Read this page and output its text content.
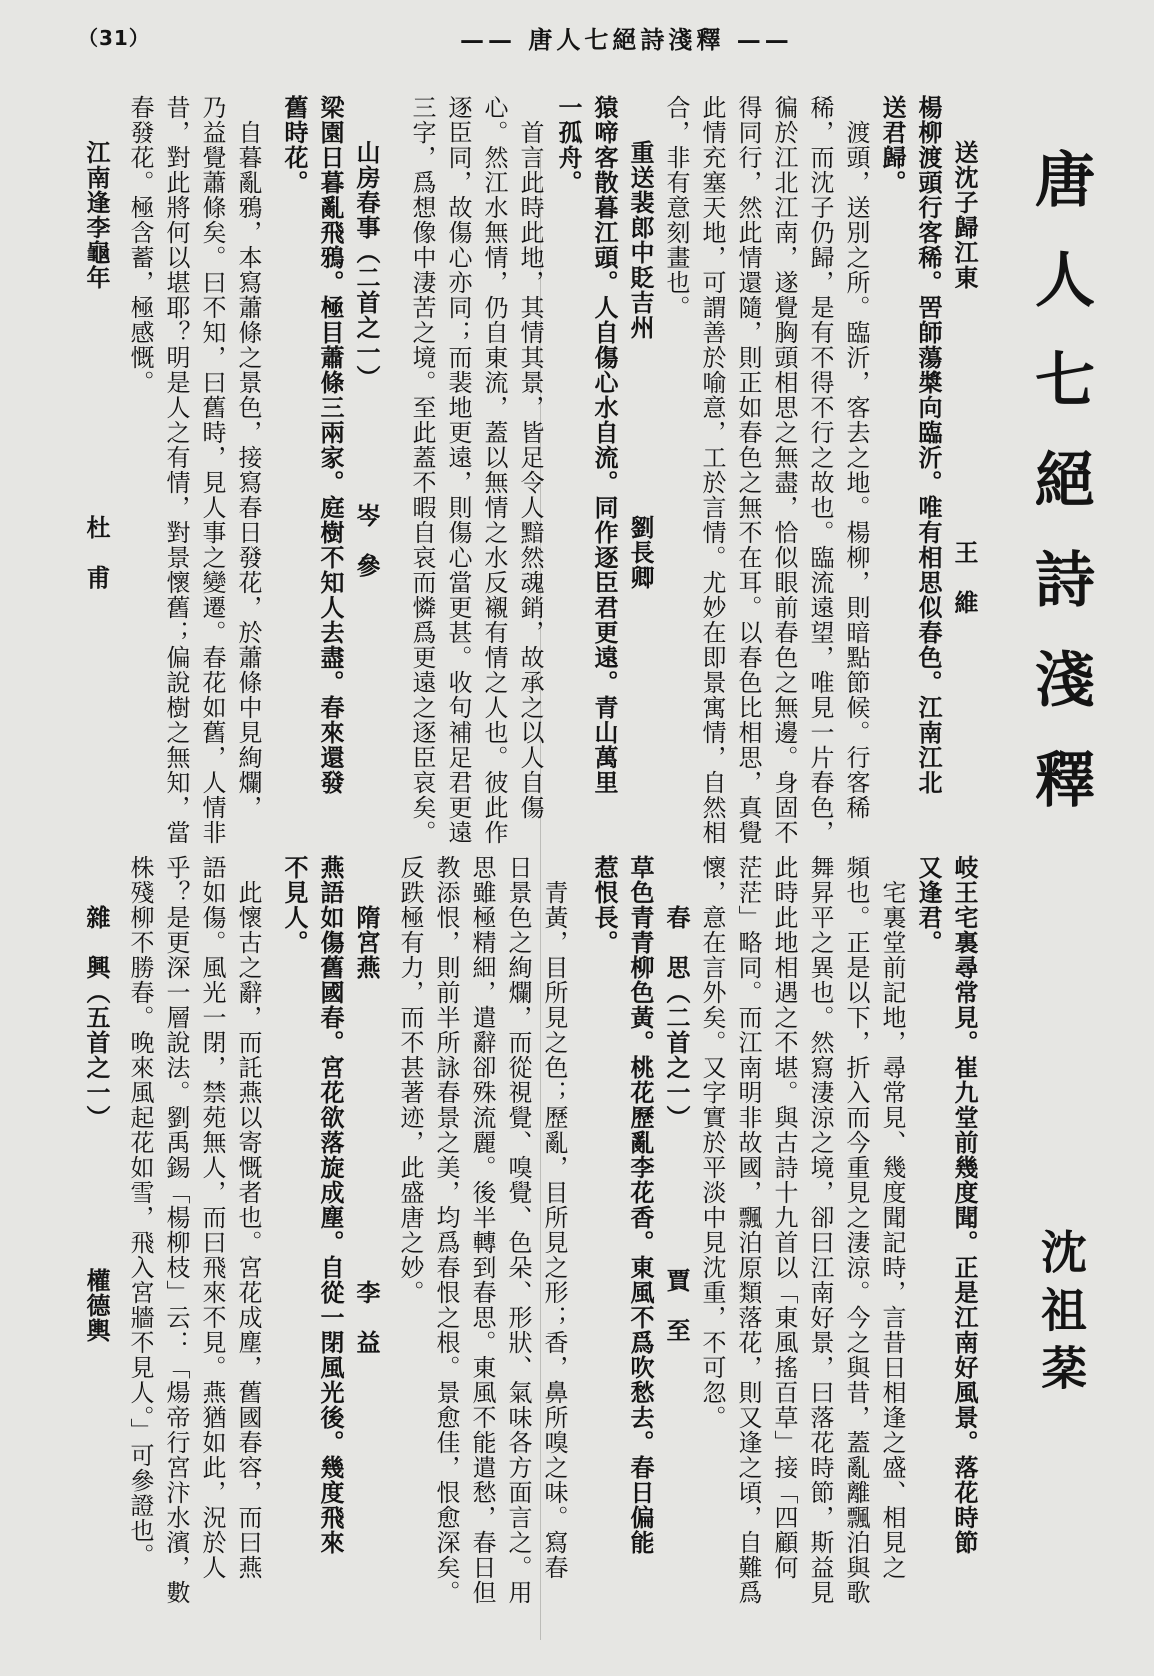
（31）	—— 唐人七絕詩淺釋 ——
唐人七絕詩淺釋
沈祖棻
送沈子歸江東　　　　　　　　　　王　維
楊柳渡頭行客稀。罟師蕩槳向臨沂。唯有相思似春色。江南江北
送君歸。
　渡頭，送別之所。臨沂，客去之地。楊柳，則暗點節候。行客稀
稀，而沈子仍歸，是有不得不行之故也。臨流遠望，唯見一片春色，
徧於江北江南，遂覺胸頭相思之無盡，恰似眼前春色之無邊。身固不
得同行，然此情還隨，則正如春色之無不在耳。以春色比相思，真覺
此情充塞天地，可謂善於喻意，工於言情。尤妙在即景寓情，自然相
合，非有意刻畫也。
重送裴郎中貶吉州　　　　　　　劉長卿
猿啼客散暮江頭。人自傷心水自流。同作逐臣君更遠。青山萬里
一孤舟。
　首言此時此地，其情其景，皆足令人黯然魂銷，故承之以人自傷
心。然江水無情，仍自東流，蓋以無情之水反襯有情之人也。彼此作
逐臣同，故傷心亦同；而裴地更遠，則傷心當更甚。收句補足君更遠
三字，爲想像中淒苦之境。至此蓋不暇自哀而憐爲更遠之逐臣哀矣。
山房春事（二首之一）　　　　　岑　參
梁園日暮亂飛鴉。極目蕭條三兩家。庭樹不知人去盡。春來還發
舊時花。
　自暮亂鴉，本寫蕭條之景色，接寫春日發花，於蕭條中見絢爛，
乃益覺蕭條矣。曰不知，曰舊時，見人事之變遷。春花如舊，人情非
昔，對此將何以堪耶？明是人之有情，對景懷舊；偏說樹之無知，當
春發花。極含蓄，極感慨。
江南逢李龜年　　　　　　　　　杜　甫
岐王宅裏尋常見。崔九堂前幾度聞。正是江南好風景。落花時節
又逢君。
　宅裏堂前記地，尋常見、幾度聞記時，言昔日相逢之盛、相見之
頻也。正是以下，折入而今重見之淒涼。今之與昔，蓋亂離飄泊與歌
舞昇平之異也。然寫淒涼之境，卻曰江南好景，曰落花時節，斯益見
此時此地相遇之不堪。與古詩十九首以「東風搖百草」接「四顧何
茫茫」略同。而江南明非故國，飄泊原類落花，則又逢之頃，自難爲
懷，意在言外矣。又字實於平淡中見沈重，不可忽。
春　思（二首之一）　　　　　　賈　至
草色青青柳色黃。桃花歷亂李花香。東風不爲吹愁去。春日偏能
惹恨長。
　青黃，目所見之色；歷亂，目所見之形；香，鼻所嗅之味。寫春
日景色之絢爛，而從視覺、嗅覺、色朵、形狀、氣味各方面言之。用
思雖極精細，遣辭卻殊流麗。後半轉到春思。東風不能遣愁，春日但
教添恨，則前半所詠春景之美，均爲春恨之根。景愈佳，恨愈深矣。
反跌極有力，而不甚著迹，此盛唐之妙。
隋宮燕　　　　　　　　　　　　李　益
燕語如傷舊國春。宮花欲落旋成塵。自從一閉風光後。幾度飛來
不見人。
　此懷古之辭，而託燕以寄慨者也。宮花成塵，舊國春容，而曰燕
語如傷。風光一閉，禁苑無人，而曰飛來不見。燕猶如此，況於人
乎？是更深一層說法。劉禹錫「楊柳枝」云：「煬帝行宮汴水濱，數
株殘柳不勝春。晚來風起花如雪，飛入宮牆不見人。」可參證也。
雜　興（五首之一）　　　　　　權德輿
